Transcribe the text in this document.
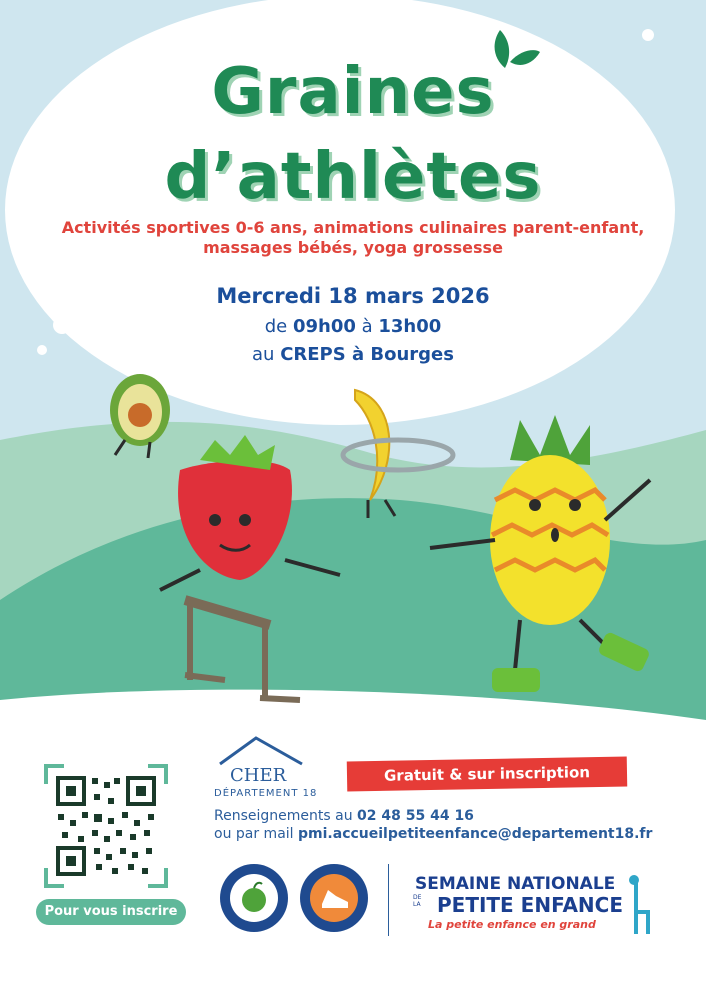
Graines
d’athlètes
Activités sportives 0-6 ans, animations culinaires parent-enfant,
massages bébés, yoga grossesse
Mercredi 18 mars 2026
de 09h00 à 13h00
au CREPS à Bourges
Pour vous inscrire
CHER
DÉPARTEMENT 18
Gratuit & sur inscription
Renseignements au 02 48 55 44 16
ou par mail pmi.accueilpetiteenfance@departement18.fr
SEMAINE NATIONALE
DE LA PETITE ENFANCE
La petite enfance en grand
